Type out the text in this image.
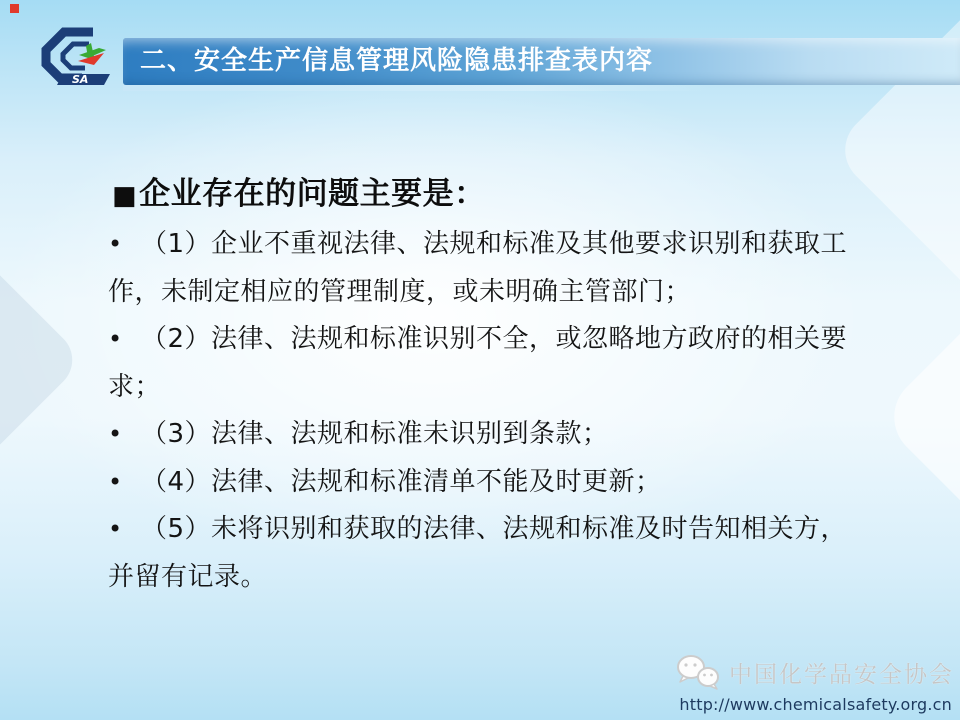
SA
二、安全生产信息管理风险隐患排查表内容
■企业存在的问题主要是：
• （1）企业不重视法律、法规和标准及其他要求识别和获取工
作，未制定相应的管理制度，或未明确主管部门；
• （2）法律、法规和标准识别不全，或忽略地方政府的相关要
求；
• （3）法律、法规和标准未识别到条款；
• （4）法律、法规和标准清单不能及时更新；
• （5）未将识别和获取的法律、法规和标准及时告知相关方，
并留有记录。
中国化学品安全协会
http://www.chemicalsafety.org.cn
